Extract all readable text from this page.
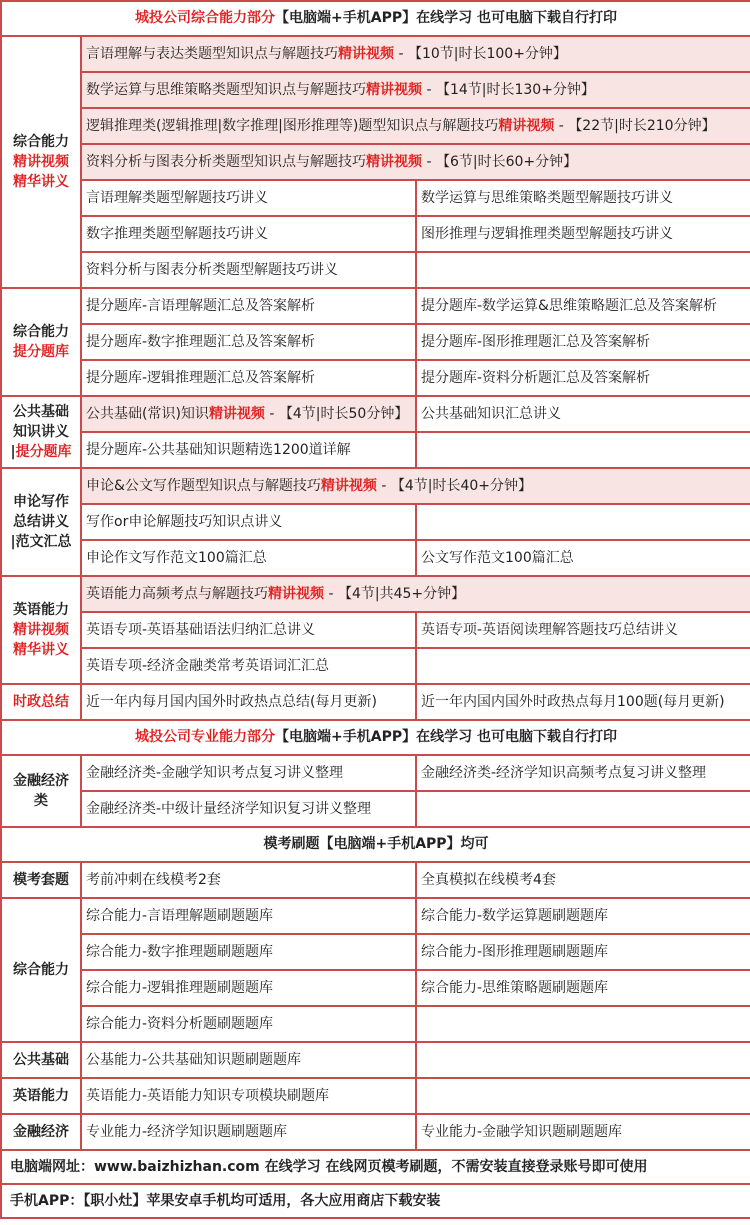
城投公司综合能力部分【电脑端+手机APP】在线学习 也可电脑下载自行打印		

综合能力
精讲视频
精华讲义	言语理解与表达类题型知识点与解题技巧精讲视频 - 【10节|时长100+分钟】	
	数学运算与思维策略类题型知识点与解题技巧精讲视频 - 【14节|时长130+分钟】	
	逻辑推理类(逻辑推理|数字推理|图形推理等)题型知识点与解题技巧精讲视频 - 【22节|时长210分钟】	
	资料分析与图表分析类题型知识点与解题技巧精讲视频 - 【6节|时长60+分钟】	
	言语理解类题型解题技巧讲义	数学运算与思维策略类题型解题技巧讲义
	数字推理类题型解题技巧讲义	图形推理与逻辑推理类题型解题技巧讲义
	资料分析与图表分析类题型解题技巧讲义	

综合能力
提分题库	提分题库-言语理解题汇总及答案解析	提分题库-数学运算&思维策略题汇总及答案解析
	提分题库-数字推理题汇总及答案解析	提分题库-图形推理题汇总及答案解析
	提分题库-逻辑推理题汇总及答案解析	提分题库-资料分析题汇总及答案解析

公共基础
知识讲义
|提分题库	公共基础(常识)知识精讲视频 - 【4节|时长50分钟】	公共基础知识汇总讲义
	提分题库-公共基础知识题精选1200道详解	

申论写作
总结讲义
|范文汇总	申论&公文写作题型知识点与解题技巧精讲视频 - 【4节|时长40+分钟】	
	写作or申论解题技巧知识点讲义	
	申论作文写作范文100篇汇总	公文写作范文100篇汇总

英语能力
精讲视频
精华讲义	英语能力高频考点与解题技巧精讲视频 - 【4节|共45+分钟】	
	英语专项-英语基础语法归纳汇总讲义	英语专项-英语阅读理解答题技巧总结讲义
	英语专项-经济金融类常考英语词汇汇总	

时政总结	近一年内每月国内国外时政热点总结(每月更新)	近一年内国内国外时政热点每月100题(每月更新)
城投公司专业能力部分【电脑端+手机APP】在线学习 也可电脑下载自行打印		

金融经济
类	金融经济类-金融学知识考点复习讲义整理	金融经济类-经济学知识高频考点复习讲义整理
	金融经济类-中级计量经济学知识复习讲义整理	
模考刷题【电脑端+手机APP】均可		

模考套题	考前冲刺在线模考2套	全真模拟在线模考4套

综合能力	综合能力-言语理解题刷题题库	综合能力-数学运算题刷题题库
	综合能力-数字推理题刷题题库	综合能力-图形推理题刷题题库
	综合能力-逻辑推理题刷题题库	综合能力-思维策略题刷题题库
	综合能力-资料分析题刷题题库	

公共基础	公基能力-公共基础知识题刷题题库	

英语能力	英语能力-英语能力知识专项模块刷题库	

金融经济	专业能力-经济学知识题刷题题库	专业能力-金融学知识题刷题题库
电脑端网址：www.baizhizhan.com 在线学习 在线网页模考刷题，不需安装直接登录账号即可使用		
手机APP：【职小灶】苹果安卓手机均可适用，各大应用商店下载安装		
